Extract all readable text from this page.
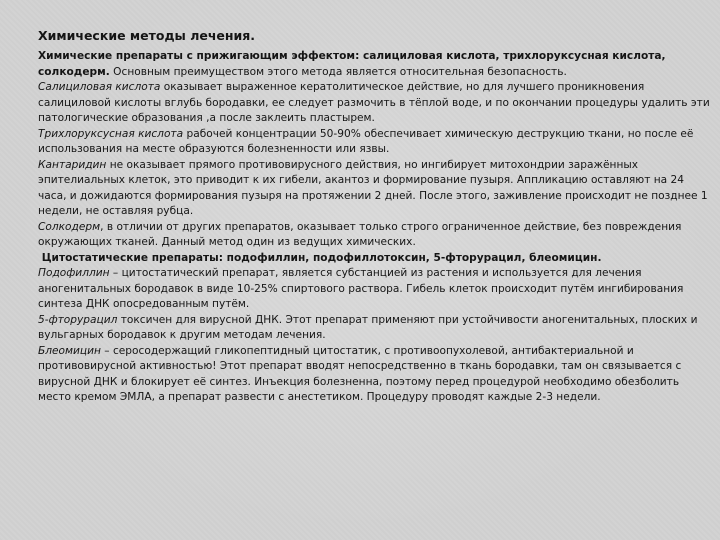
Химические методы лечения.

Химические препараты с прижигающим эффектом: салициловая кислота, трихлоруксусная кислота, солкодерм. Основным преимуществом этого метода является относительная безопасность.

Салициловая кислота оказывает выраженное кератолитическое действие, но для лучшего проникновения салициловой кислоты вглубь бородавки, ее следует размочить в тёплой воде, и по окончании процедуры удалить эти патологические образования ,а после заклеить пластырем.

Трихлоруксусная кислота рабочей концентрации 50-90% обеспечивает химическую деструкцию ткани, но после её использования на месте образуются болезненности или язвы.

Кантаридин не оказывает прямого противовирусного действия, но ингибирует митохондрии заражённых эпителиальных клеток, это приводит к их гибели, акантоз и формирование пузыря. Аппликацию оставляют на 24 часа, и дожидаются формирования пузыря на протяжении 2 дней. После этого, заживление происходит не позднее 1 недели, не оставляя рубца.

Солкодерм, в отличии от других препаратов, оказывает только строго ограниченное действие, без повреждения окружающих тканей. Данный метод один из ведущих химических.

Цитостатические препараты: подофиллин, подофиллотоксин, 5-фторурацил, блеомицин.

Подофиллин – цитостатический препарат, является субстанцией из растения и используется для лечения аногенитальных бородавок в виде 10-25% спиртового раствора. Гибель клеток происходит путём ингибирования синтеза ДНК опосредованным путём.

5-фторурацил токсичен для вирусной ДНК. Этот препарат применяют при устойчивости аногенитальных, плоских и вульгарных бородавок к другим методам лечения.

Блеомицин – серосодержащий гликопептидный цитостатик, с противоопухолевой, антибактериальной и противовирусной активностью! Этот препарат вводят непосредственно в ткань бородавки, там он связывается с вирусной ДНК и блокирует её синтез. Инъекция болезненна, поэтому перед процедурой необходимо обезболить место кремом ЭМЛА, а препарат развести с анестетиком. Процедуру проводят каждые 2-3 недели.
